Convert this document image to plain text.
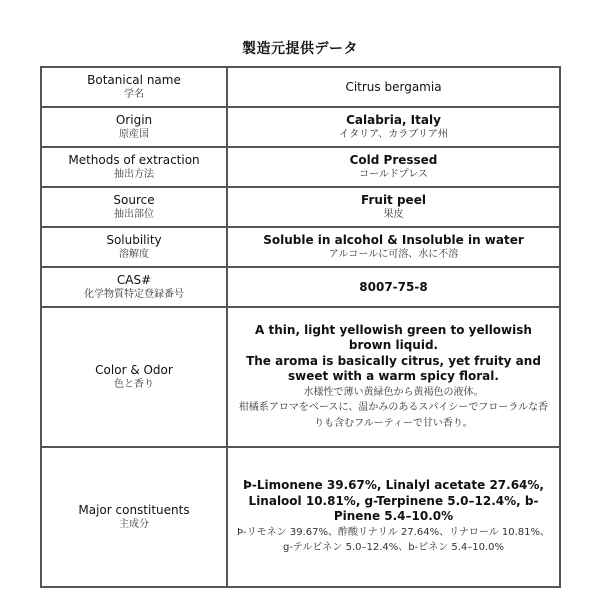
製造元提供データ
Botanical name
学名	Citrus bergamia

Origin
原産国	Calabria, Italy
イタリア、カラブリア州

Methods of extraction
抽出方法	Cold Pressed
コールドプレス

Source
抽出部位	Fruit peel
果皮

Solubility
溶解度	Soluble in alcohol & Insoluble in water
アルコールに可溶、水に不溶

CAS#
化学物質特定登録番号	8007-75-8

Color & Odor
色と香り	A thin, light yellowish green to yellowish brown liquid.
The aroma is basically citrus, yet fruity and sweet with a warm spicy floral.
水様性で薄い黄緑色から黄褐色の液体。
柑橘系アロマをベースに、温かみのあるスパイシーでフローラルな香りも含むフルーティーで甘い香り。

Major constituents
主成分	Þ-Limonene 39.67%, Linalyl acetate 27.64%, Linalool 10.81%, g-Terpinene 5.0–12.4%, b-Pinene 5.4–10.0%
Þ-リモネン 39.67%、酢酸リナリル 27.64%、リナロール 10.81%、g-テルピネン 5.0–12.4%、b-ピネン 5.4–10.0%
